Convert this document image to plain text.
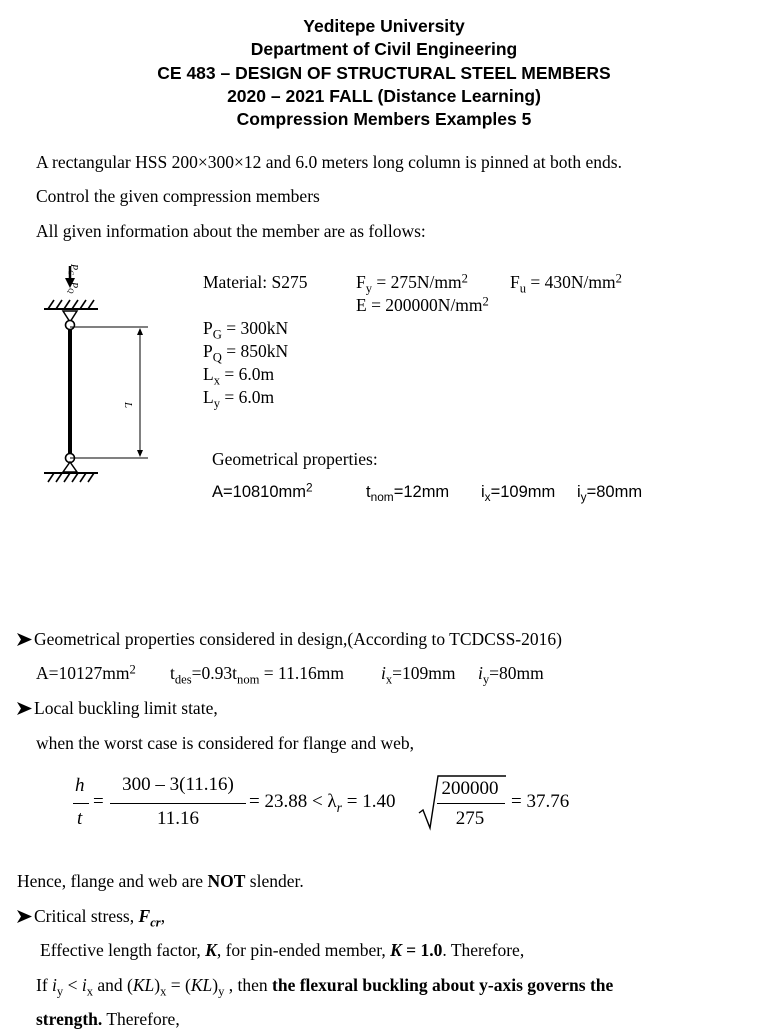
Yeditepe University
Department of Civil Engineering
CE 483 – DESIGN OF STRUCTURAL STEEL MEMBERS
2020 – 2021 FALL (Distance Learning)
Compression Members Examples 5
A rectangular HSS 200×300×12 and 6.0 meters long column is pinned at both ends.
Control the given compression members
All given information about the member are as follows:
$P_G$
$P_Q$
L
Material: S275	$F_y = 275N/mm^2$ $F_u = 430N/mm^2$
$E = 200000N/mm^2$
$P_G = 300kN$
$P_Q = 850kN$
$L_x = 6.0m$
$L_y = 6.0m$
Geometrical properties:
$A=10810mm^2$	$t_{nom}=12mm$ $i_x=109mm$ $i_y=80mm$
Geometrical properties considered in design,(According to TCDCSS-2016)
$A=10127mm^2$ $t_{des}=0.93t_{nom} = 11.16mm$ $i_x=109mm$ $i_y=80mm$
Local buckling limit state,
when the worst case is considered for flange and web,
h
t
=
300 – 3(11.16)
11.16
= $23.88 < \lambda_r = 1.40$
200000
275
= 37.76
Hence, flange and web are NOT slender.
Critical stress, $F_{cr}$,
Effective length factor, K, for pin-ended member, K = 1.0. Therefore,
If $i_y < i_x$ and $(KL)_x = (KL)_y$ , then the flexural buckling about y-axis governs the
strength. Therefore,
